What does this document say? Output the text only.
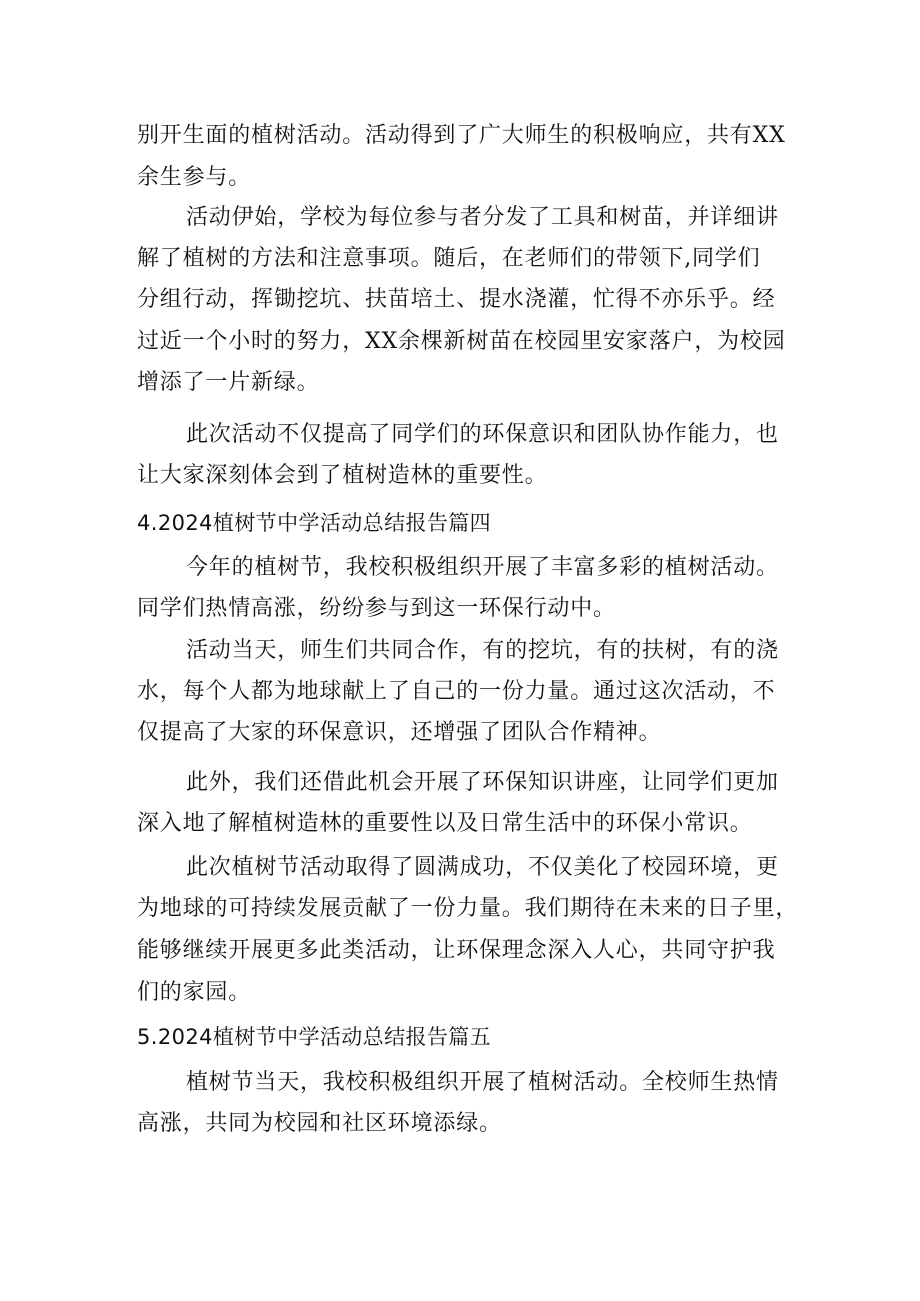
别开生面的植树活动。活动得到了广大师生的积极响应，共有XX
余生参与。
活动伊始，学校为每位参与者分发了工具和树苗，并详细讲
解了植树的方法和注意事项。随后，在老师们的带领下,同学们
分组行动，挥锄挖坑、扶苗培土、提水浇灌，忙得不亦乐乎。经
过近一个小时的努力，XX余棵新树苗在校园里安家落户，为校园
增添了一片新绿。
此次活动不仅提高了同学们的环保意识和团队协作能力，也
让大家深刻体会到了植树造林的重要性。
4.2024植树节中学活动总结报告篇四
今年的植树节，我校积极组织开展了丰富多彩的植树活动。
同学们热情高涨，纷纷参与到这一环保行动中。
活动当天，师生们共同合作，有的挖坑，有的扶树，有的浇
水，每个人都为地球献上了自己的一份力量。通过这次活动，不
仅提高了大家的环保意识，还增强了团队合作精神。
此外，我们还借此机会开展了环保知识讲座，让同学们更加
深入地了解植树造林的重要性以及日常生活中的环保小常识。
此次植树节活动取得了圆满成功，不仅美化了校园环境，更
为地球的可持续发展贡献了一份力量。我们期待在未来的日子里，
能够继续开展更多此类活动，让环保理念深入人心，共同守护我
们的家园。
5.2024植树节中学活动总结报告篇五
植树节当天，我校积极组织开展了植树活动。全校师生热情
高涨，共同为校园和社区环境添绿。
